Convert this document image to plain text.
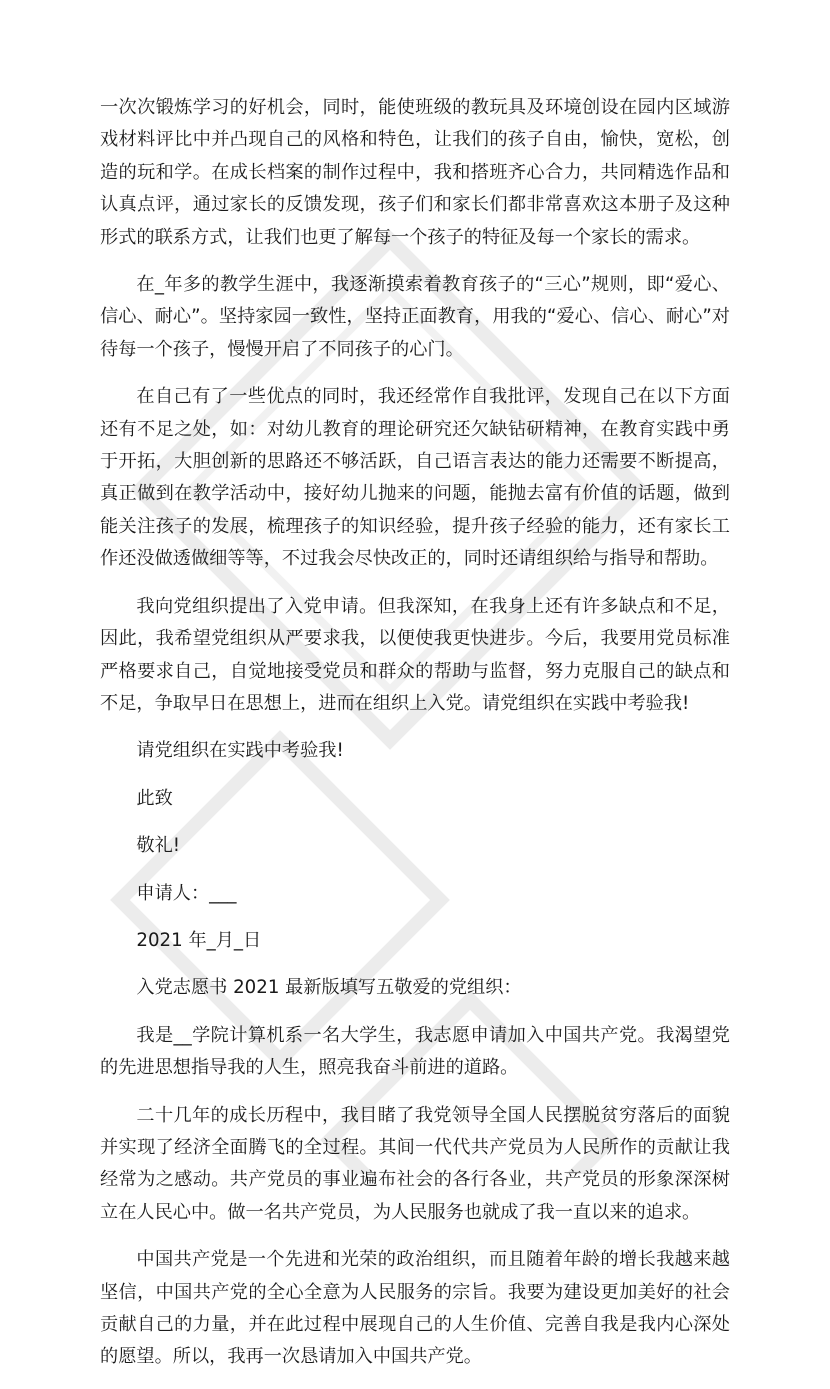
一次次锻炼学习的好机会，同时，能使班级的教玩具及环境创设在园内区域游戏材料评比中并凸现自己的风格和特色，让我们的孩子自由，愉快，宽松，创造的玩和学。在成长档案的制作过程中，我和搭班齐心合力，共同精选作品和认真点评，通过家长的反馈发现，孩子们和家长们都非常喜欢这本册子及这种形式的联系方式，让我们也更了解每一个孩子的特征及每一个家长的需求。

在_年多的教学生涯中，我逐渐摸索着教育孩子的“三心”规则，即“爱心、信心、耐心”。坚持家园一致性，坚持正面教育，用我的“爱心、信心、耐心”对待每一个孩子，慢慢开启了不同孩子的心门。

在自己有了一些优点的同时，我还经常作自我批评，发现自己在以下方面还有不足之处，如：对幼儿教育的理论研究还欠缺钻研精神，在教育实践中勇于开拓，大胆创新的思路还不够活跃，自己语言表达的能力还需要不断提高，真正做到在教学活动中，接好幼儿抛来的问题，能抛去富有价值的话题，做到能关注孩子的发展，梳理孩子的知识经验，提升孩子经验的能力，还有家长工作还没做透做细等等，不过我会尽快改正的，同时还请组织给与指导和帮助。

我向党组织提出了入党申请。但我深知，在我身上还有许多缺点和不足，因此，我希望党组织从严要求我，以便使我更快进步。今后，我要用党员标准严格要求自己，自觉地接受党员和群众的帮助与监督，努力克服自己的缺点和不足，争取早日在思想上，进而在组织上入党。请党组织在实践中考验我!

请党组织在实践中考验我!

此致

敬礼!

申请人：___

2021 年_月_日

入党志愿书 2021 最新版填写五敬爱的党组织：

我是__学院计算机系一名大学生，我志愿申请加入中国共产党。我渴望党的先进思想指导我的人生，照亮我奋斗前进的道路。

二十几年的成长历程中，我目睹了我党领导全国人民摆脱贫穷落后的面貌并实现了经济全面腾飞的全过程。其间一代代共产党员为人民所作的贡献让我经常为之感动。共产党员的事业遍布社会的各行各业，共产党员的形象深深树立在人民心中。做一名共产党员，为人民服务也就成了我一直以来的追求。

中国共产党是一个先进和光荣的政治组织，而且随着年龄的增长我越来越坚信，中国共产党的全心全意为人民服务的宗旨。我要为建设更加美好的社会贡献自己的力量，并在此过程中展现自己的人生价值、完善自我是我内心深处的愿望。所以，我再一次恳请加入中国共产党。
